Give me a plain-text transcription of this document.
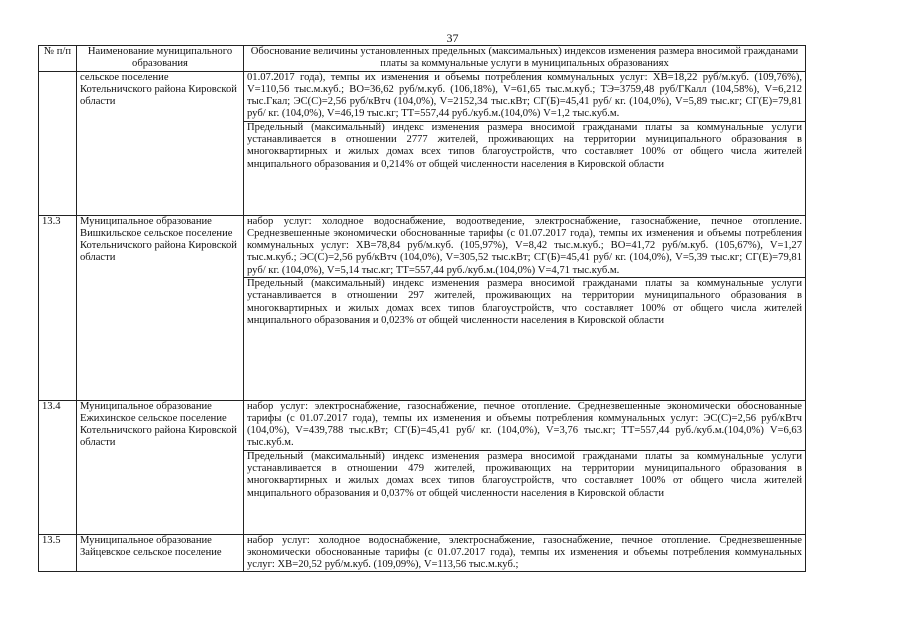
37
№ п/п	Наименование муниципального образования	Обоснование величины установленных предельных (максимальных) индексов изменения размера вносимой гражданами платы за коммунальные услуги в муниципальных образованиях
	сельское поселение Котельничского района Кировской области	01.07.2017 года), темпы их изменения и объемы потребления коммунальных услуг: ХВ=18,22 руб/м.куб. (109,76%), V=110,56 тыс.м.куб.; ВО=36,62 руб/м.куб. (106,18%), V=61,65 тыс.м.куб.; ТЭ=3759,48 руб/ГКалл (104,58%), V=6,212 тыс.Гкал; ЭС(С)=2,56 руб/кВтч (104,0%), V=2152,34 тыс.кВт; СГ(Б)=45,41 руб/ кг. (104,0%), V=5,89 тыс.кг; СГ(Е)=79,81 руб/ кг. (104,0%), V=46,19 тыс.кг; ТТ=557,44 руб./куб.м.(104,0%) V=1,2 тыс.куб.м.

Предельный (максимальный) индекс изменения размера вносимой гражданами платы за коммунальные услуги устанавливается в отношении 2777 жителей, проживающих на территории муниципального образования в многоквартирных и жилых домах всех типов благоустройств, что составляет 100% от общего числа жителей мнципального образования и 0,214% от общей численности населения в Кировской области

13.3	Муниципальное образование Вишкильское сельское поселение Котельничского района Кировской области	набор услуг: холодное водоснабжение, водоотведение, электроснабжение, газоснабжение, печное отопление. Среднезвешенные экономически обоснованные тарифы (с 01.07.2017 года), темпы их изменения и объемы потребления коммунальных услуг: ХВ=78,84 руб/м.куб. (105,97%), V=8,42 тыс.м.куб.; ВО=41,72 руб/м.куб. (105,67%), V=1,27 тыс.м.куб.; ЭС(С)=2,56 руб/кВтч (104,0%), V=305,52 тыс.кВт; СГ(Б)=45,41 руб/ кг. (104,0%), V=5,39 тыс.кг; СГ(Е)=79,81 руб/ кг. (104,0%), V=5,14 тыс.кг; ТТ=557,44 руб./куб.м.(104,0%) V=4,71 тыс.куб.м.

Предельный (максимальный) индекс изменения размера вносимой гражданами платы за коммунальные услуги устанавливается в отношении 297 жителей, проживающих на территории муниципального образования в многоквартирных и жилых домах всех типов благоустройств, что составляет 100% от общего числа жителей мнципального образования и 0,023% от общей численности населения в Кировской области

13.4	Муниципальное образование Ежихинское сельское поселение Котельничского района Кировской области	набор услуг: электроснабжение, газоснабжение, печное отопление. Среднезвешенные экономически обоснованные тарифы (с 01.07.2017 года), темпы их изменения и объемы потребления коммунальных услуг: ЭС(С)=2,56 руб/кВтч (104,0%), V=439,788 тыс.кВт; СГ(Б)=45,41 руб/ кг. (104,0%), V=3,76 тыс.кг; ТТ=557,44 руб./куб.м.(104,0%) V=6,63 тыс.куб.м.

Предельный (максимальный) индекс изменения размера вносимой гражданами платы за коммунальные услуги устанавливается в отношении 479 жителей, проживающих на территории муниципального образования в многоквартирных и жилых домах всех типов благоустройств, что составляет 100% от общего числа жителей мнципального образования и 0,037% от общей численности населения в Кировской области

13.5	Муниципальное образование Зайцевское сельское поселение	набор услуг: холодное водоснабжение, электроснабжение, газоснабжение, печное отопление. Среднезвешенные экономически обоснованные тарифы (с 01.07.2017 года), темпы их изменения и объемы потребления коммунальных услуг: ХВ=20,52 руб/м.куб. (109,09%), V=113,56 тыс.м.куб.;
